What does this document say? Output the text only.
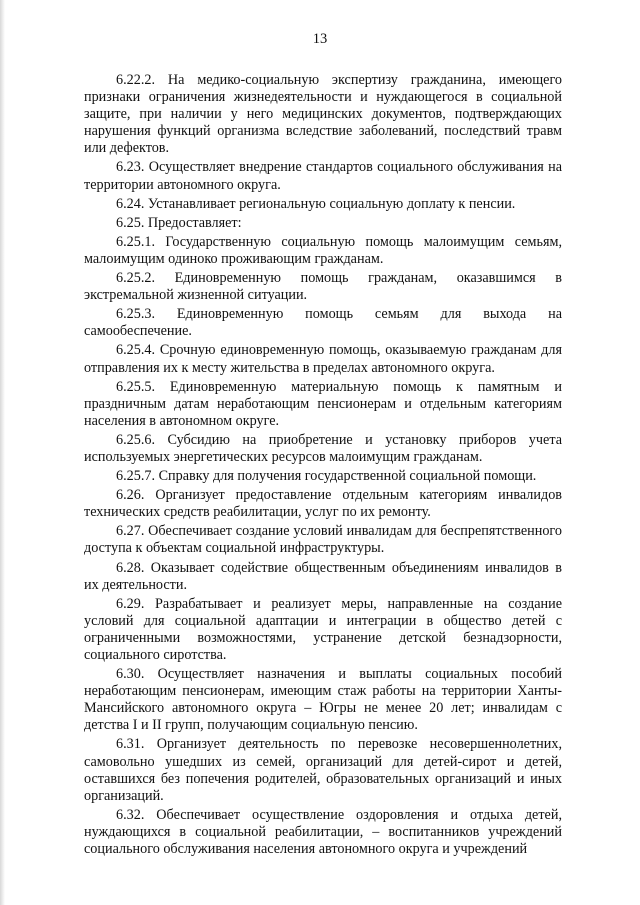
13

6.22.2. На медико-социальную экспертизу гражданина, имеющего признаки ограничения жизнедеятельности и нуждающегося в социальной защите, при наличии у него медицинских документов, подтверждающих нарушения функций организма вследствие заболеваний, последствий травм или дефектов.

6.23. Осуществляет внедрение стандартов социального обслуживания на территории автономного округа.

6.24. Устанавливает региональную социальную доплату к пенсии.

6.25. Предоставляет:

6.25.1. Государственную социальную помощь малоимущим семьям, малоимущим одиноко проживающим гражданам.

6.25.2. Единовременную помощь гражданам, оказавшимся в экстремальной жизненной ситуации.

6.25.3. Единовременную помощь семьям для выхода на самообеспечение.

6.25.4. Срочную единовременную помощь, оказываемую гражданам для отправления их к месту жительства в пределах автономного округа.

6.25.5. Единовременную материальную помощь к памятным и праздничным датам неработающим пенсионерам и отдельным категориям населения в автономном округе.

6.25.6. Субсидию на приобретение и установку приборов учета используемых энергетических ресурсов малоимущим гражданам.

6.25.7. Справку для получения государственной социальной помощи.

6.26. Организует предоставление отдельным категориям инвалидов технических средств реабилитации, услуг по их ремонту.

6.27. Обеспечивает создание условий инвалидам для беспрепятственного доступа к объектам социальной инфраструктуры.

6.28. Оказывает содействие общественным объединениям инвалидов в их деятельности.

6.29. Разрабатывает и реализует меры, направленные на создание условий для социальной адаптации и интеграции в общество детей с ограниченными возможностями, устранение детской безнадзорности, социального сиротства.

6.30. Осуществляет назначения и выплаты социальных пособий неработающим пенсионерам, имеющим стаж работы на территории Ханты-Мансийского автономного округа – Югры не менее 20 лет; инвалидам с детства I и II групп, получающим социальную пенсию.

6.31. Организует деятельность по перевозке несовершеннолетних, самовольно ушедших из семей, организаций для детей-сирот и детей, оставшихся без попечения родителей, образовательных организаций и иных организаций.

6.32. Обеспечивает осуществление оздоровления и отдыха детей, нуждающихся в социальной реабилитации, – воспитанников учреждений социального обслуживания населения автономного округа и учреждений
